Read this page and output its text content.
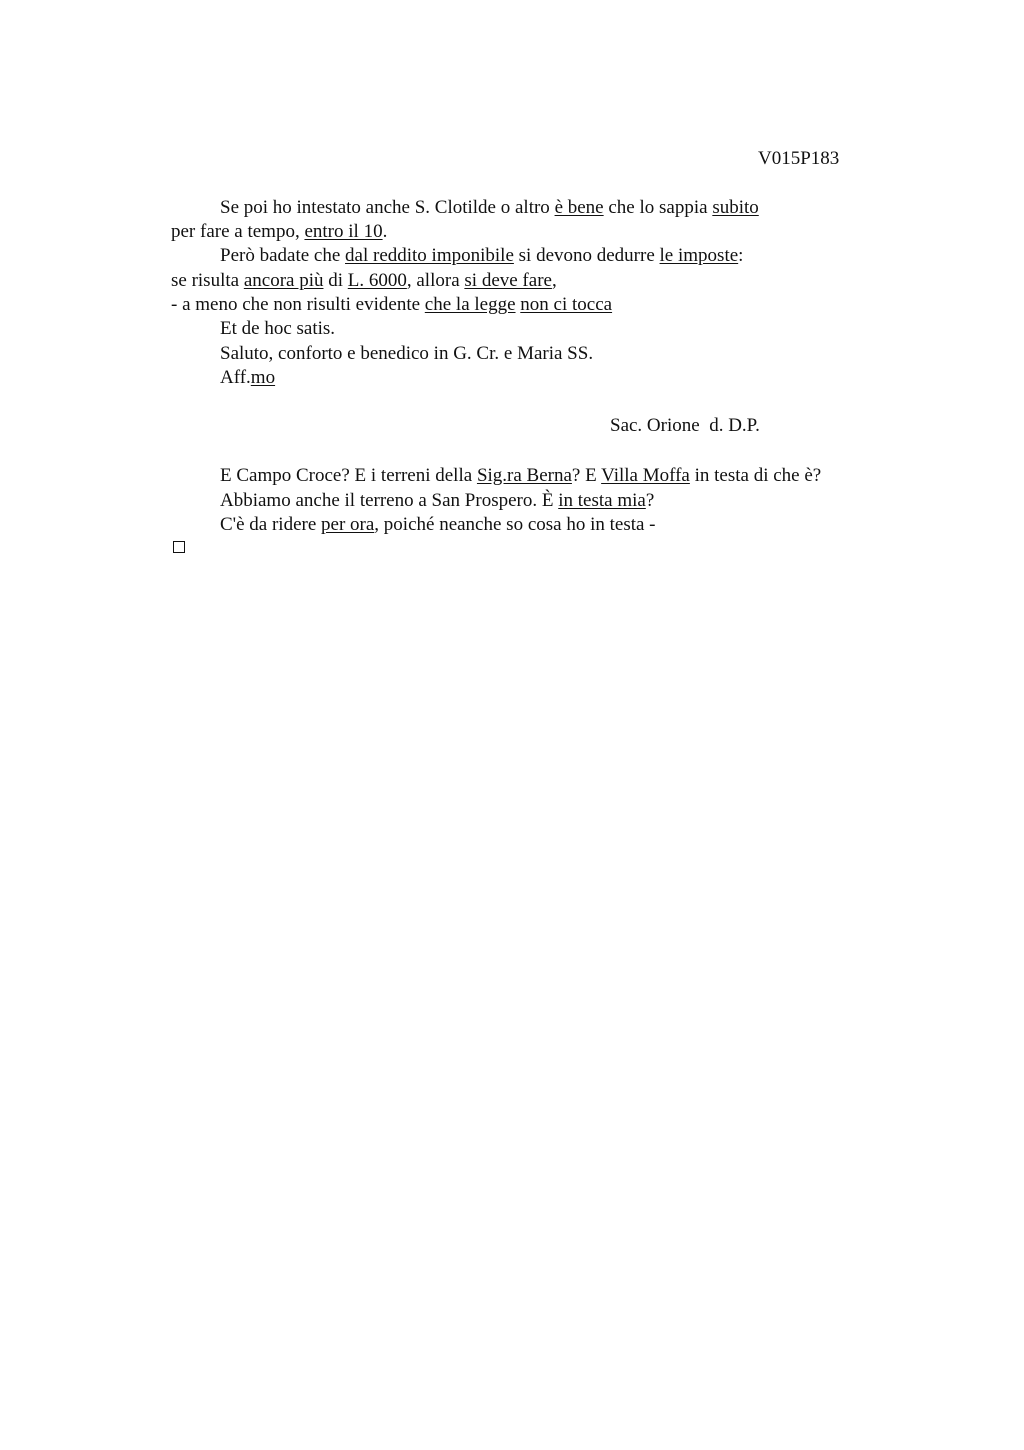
V015P183
Se poi ho intestato anche S. Clotilde o altro è bene che lo sappia subito
per fare a tempo, entro il 10.
Però badate che dal reddito imponibile si devono dedurre le imposte:
se risulta ancora più di L. 6000, allora si deve fare,
- a meno che non risulti evidente che la legge non ci tocca
Et de hoc satis.
Saluto, conforto e benedico in G. Cr. e Maria SS.
Aff.mo
Sac. Orione  d. D.P.
E Campo Croce? E i terreni della Sig.ra Berna? E Villa Moffa in testa di che è?
Abbiamo anche il terreno a San Prospero. È in testa mia?
C'è da ridere per ora, poiché neanche so cosa ho in testa -
